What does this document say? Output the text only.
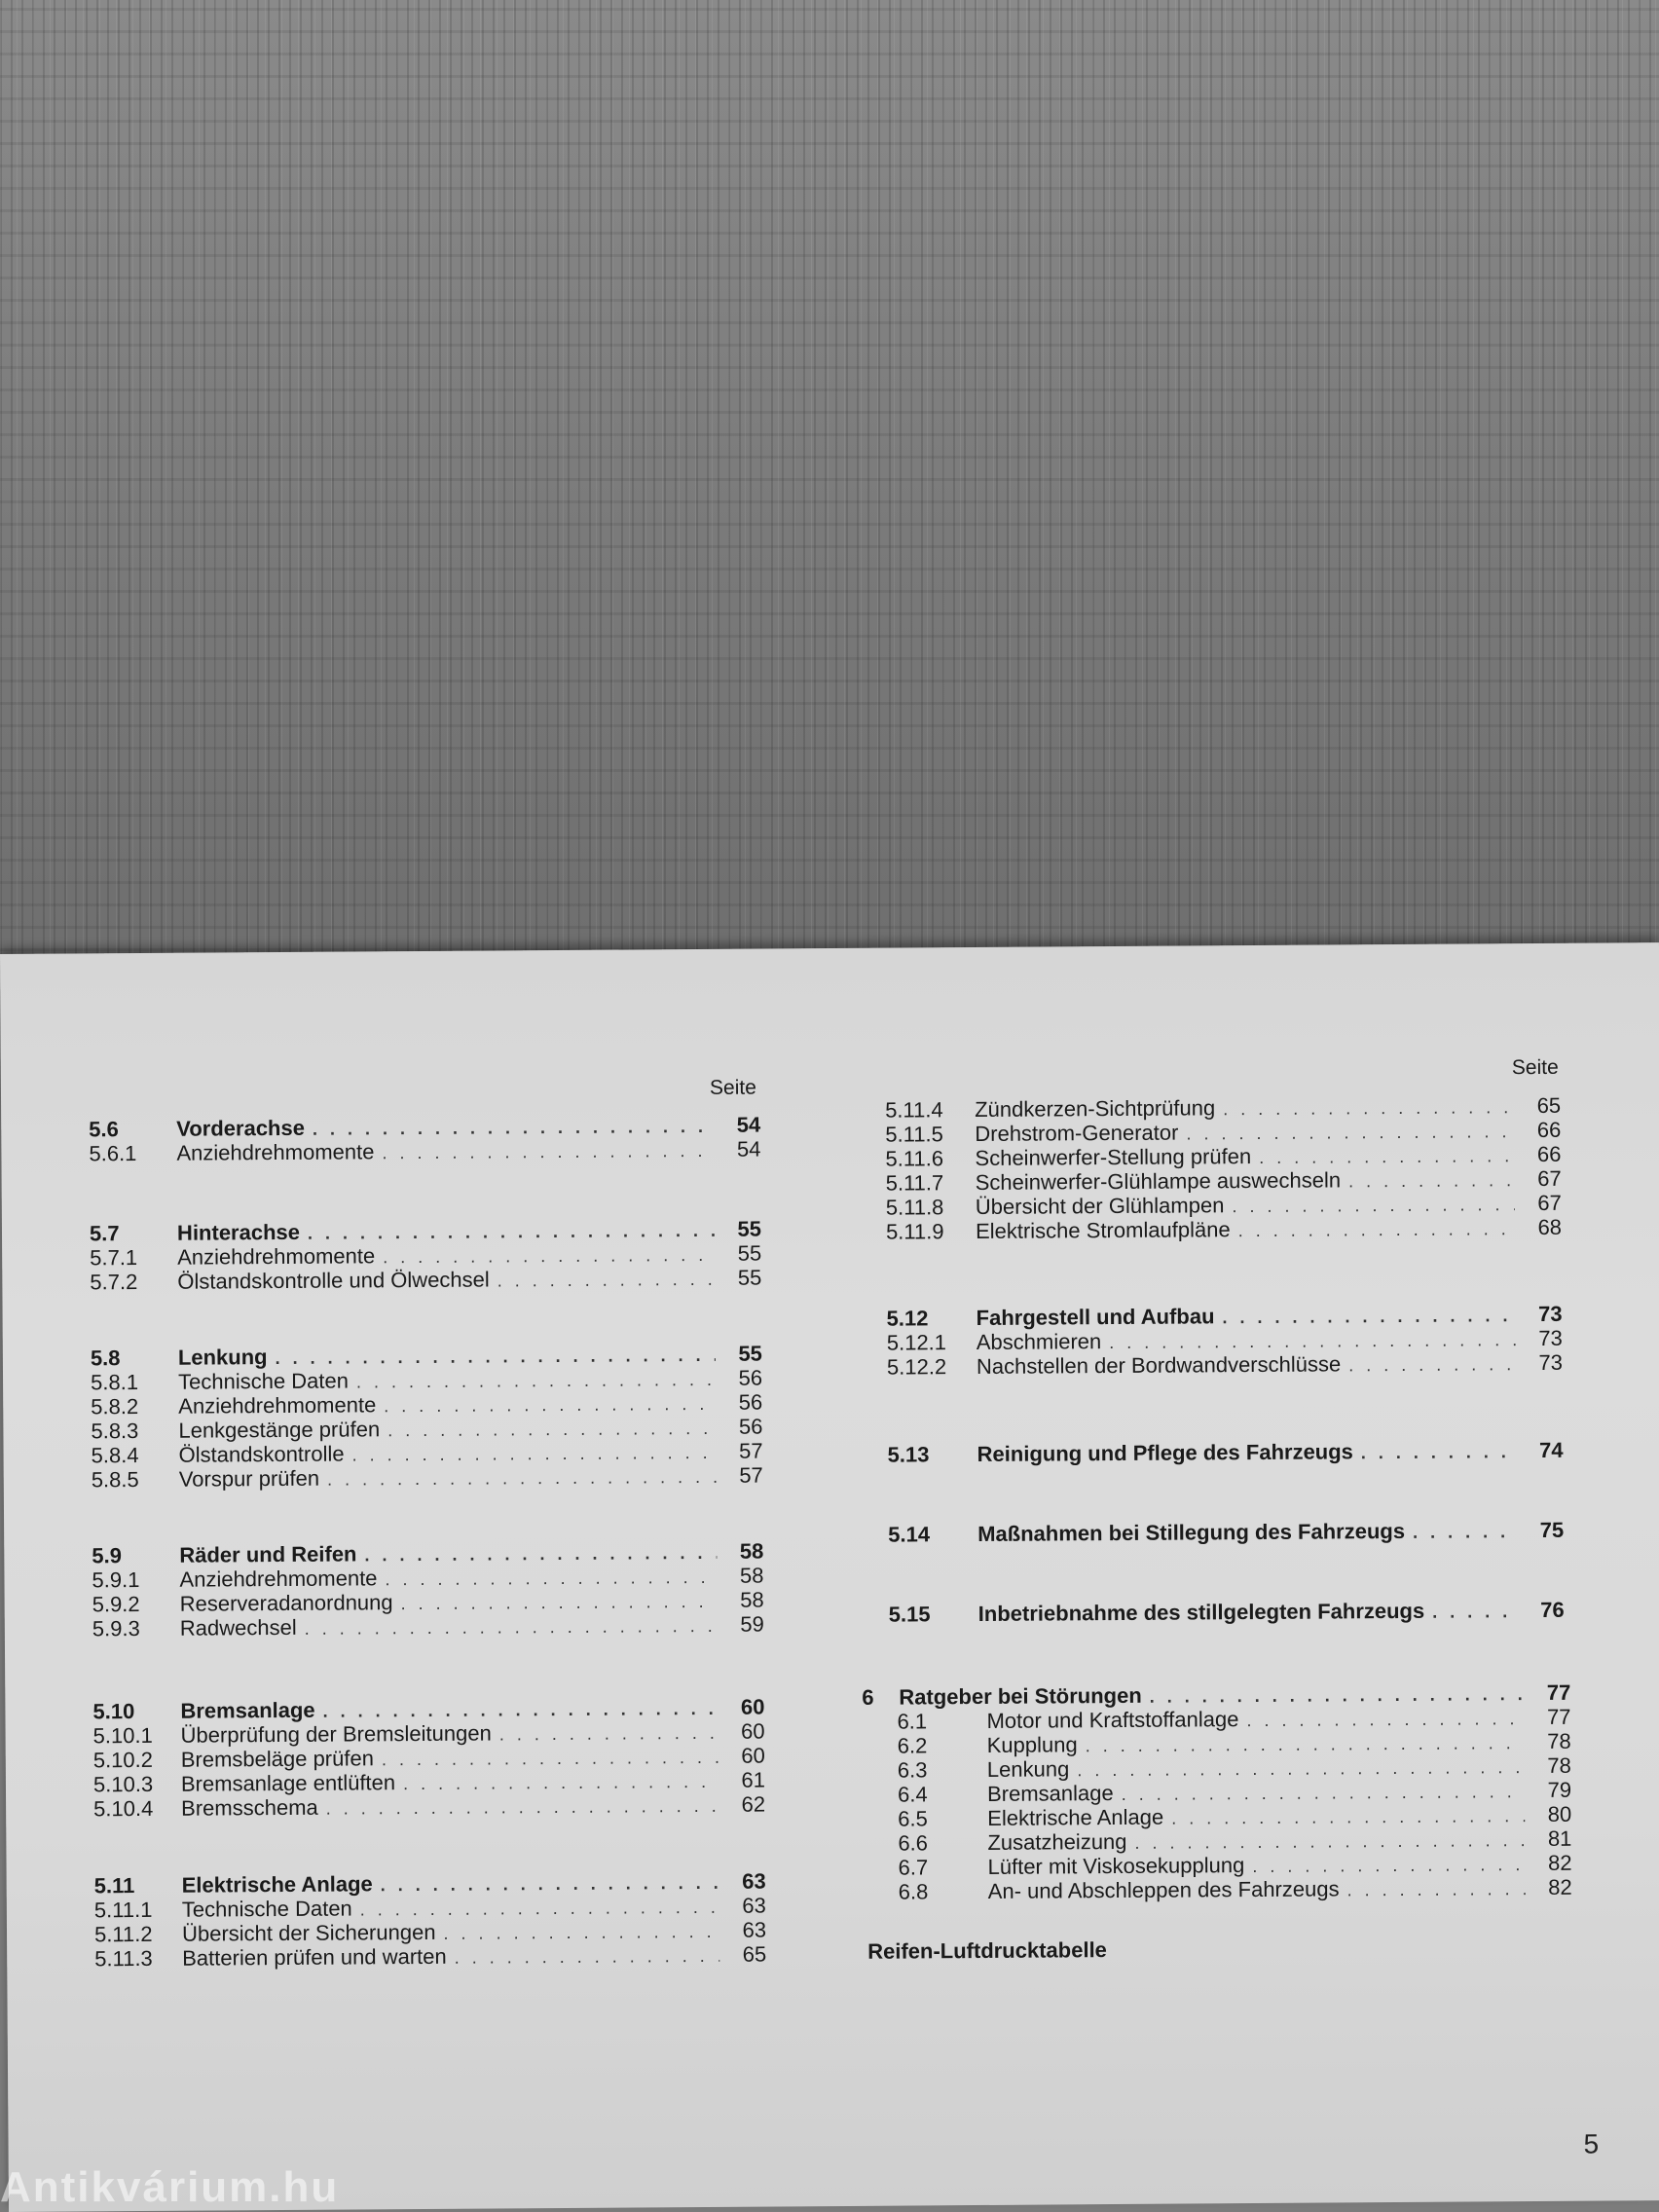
Seite
5.6	Vorderachse . . .	54
5.6.1	Anziehdrehmomente . . .	54
5.7	Hinterachse . . .	55
5.7.1	Anziehdrehmomente . . .	55
5.7.2	Ölstandskontrolle und Ölwechsel . . .	55
5.8	Lenkung . . .	55
5.8.1	Technische Daten . . .	56
5.8.2	Anziehdrehmomente . . .	56
5.8.3	Lenkgestänge prüfen . . .	56
5.8.4	Ölstandskontrolle . . .	57
5.8.5	Vorspur prüfen . . .	57
5.9	Räder und Reifen . . .	58
5.9.1	Anziehdrehmomente . . .	58
5.9.2	Reserveradanordnung . . .	58
5.9.3	Radwechsel . . .	59
5.10	Bremsanlage . . .	60
5.10.1	Überprüfung der Bremsleitungen . . .	60
5.10.2	Bremsbeläge prüfen . . .	60
5.10.3	Bremsanlage entlüften . . .	61
5.10.4	Bremsschema . . .	62
5.11	Elektrische Anlage . . .	63
5.11.1	Technische Daten . . .	63
5.11.2	Übersicht der Sicherungen . . .	63
5.11.3	Batterien prüfen und warten . . .	65
Seite
5.11.4	Zündkerzen-Sichtprüfung . . .	65
5.11.5	Drehstrom-Generator . . .	66
5.11.6	Scheinwerfer-Stellung prüfen . . .	66
5.11.7	Scheinwerfer-Glühlampe auswechseln . . .	67
5.11.8	Übersicht der Glühlampen . . .	67
5.11.9	Elektrische Stromlaufpläne . . .	68
5.12	Fahrgestell und Aufbau . . .	73
5.12.1	Abschmieren . . .	73
5.12.2	Nachstellen der Bordwandverschlüsse . . .	73
5.13	Reinigung und Pflege des Fahrzeugs . . .	74
5.14	Maßnahmen bei Stillegung des Fahrzeugs . . .	75
5.15	Inbetriebnahme des stillgelegten Fahrzeugs . . .	76
6	Ratgeber bei Störungen . . .	77
6.1	Motor und Kraftstoffanlage . . .	77
6.2	Kupplung . . .	78
6.3	Lenkung . . .	78
6.4	Bremsanlage . . .	79
6.5	Elektrische Anlage . . .	80
6.6	Zusatzheizung . . .	81
6.7	Lüfter mit Viskosekupplung . . .	82
6.8	An- und Abschleppen des Fahrzeugs . . .	82
Reifen-Luftdrucktabelle
5
Antikvárium.hu
